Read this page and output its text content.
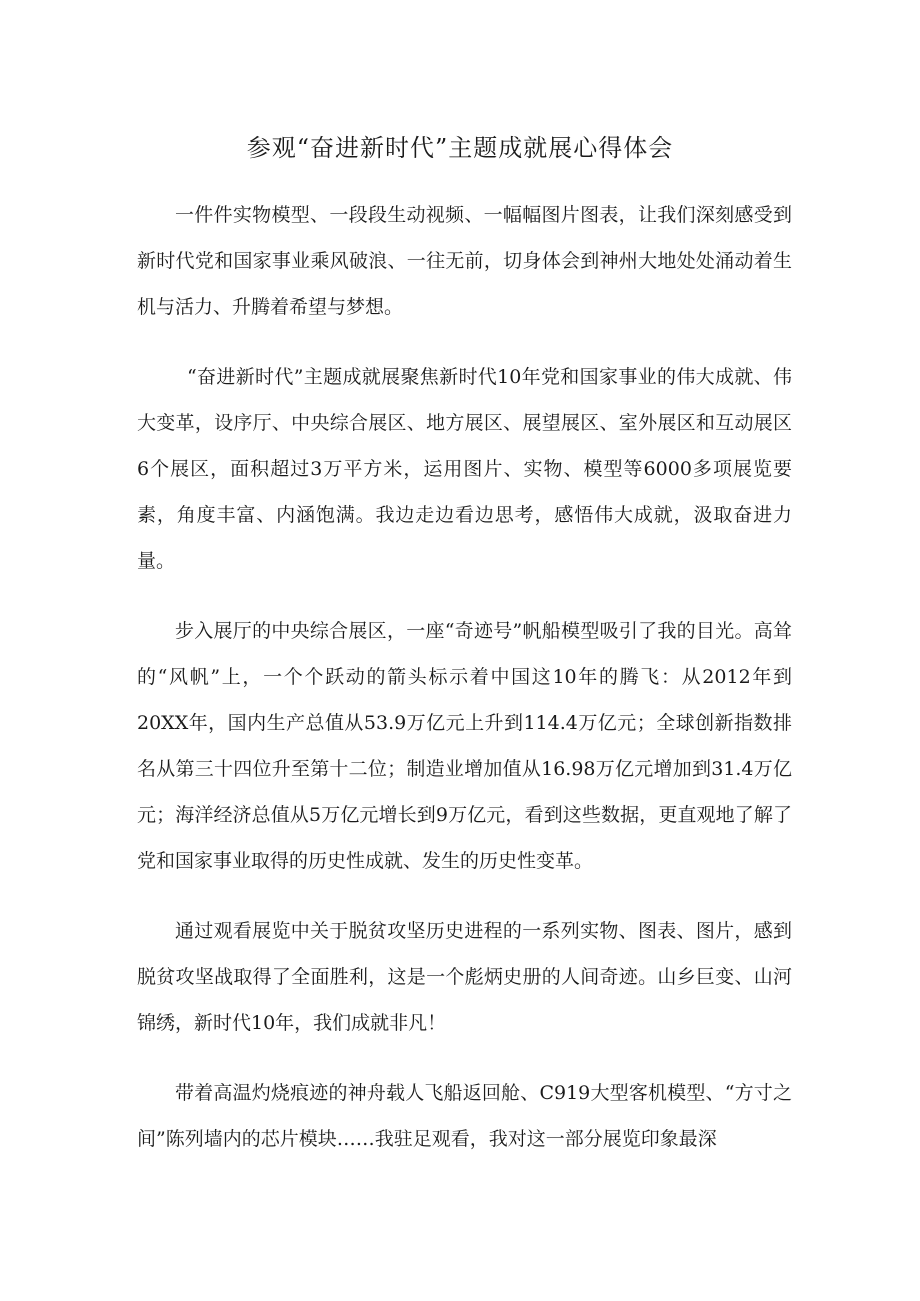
参观“奋进新时代”主题成就展心得体会

一件件实物模型、一段段生动视频、一幅幅图片图表，让我们深刻感受到新时代党和国家事业乘风破浪、一往无前，切身体会到神州大地处处涌动着生机与活力、升腾着希望与梦想。

“奋进新时代”主题成就展聚焦新时代10年党和国家事业的伟大成就、伟大变革，设序厅、中央综合展区、地方展区、展望展区、室外展区和互动展区6个展区，面积超过3万平方米，运用图片、实物、模型等6000多项展览要素，角度丰富、内涵饱满。我边走边看边思考，感悟伟大成就，汲取奋进力量。

步入展厅的中央综合展区，一座“奇迹号”帆船模型吸引了我的目光。高耸的“风帆”上，一个个跃动的箭头标示着中国这10年的腾飞：从2012年到20XX年，国内生产总值从53.9万亿元上升到114.4万亿元；全球创新指数排名从第三十四位升至第十二位；制造业增加值从16.98万亿元增加到31.4万亿元；海洋经济总值从5万亿元增长到9万亿元，看到这些数据，更直观地了解了党和国家事业取得的历史性成就、发生的历史性变革。

通过观看展览中关于脱贫攻坚历史进程的一系列实物、图表、图片，感到脱贫攻坚战取得了全面胜利，这是一个彪炳史册的人间奇迹。山乡巨变、山河锦绣，新时代10年，我们成就非凡！

带着高温灼烧痕迹的神舟载人飞船返回舱、C919大型客机模型、“方寸之间”陈列墙内的芯片模块……我驻足观看，我对这一部分展览印象最深
